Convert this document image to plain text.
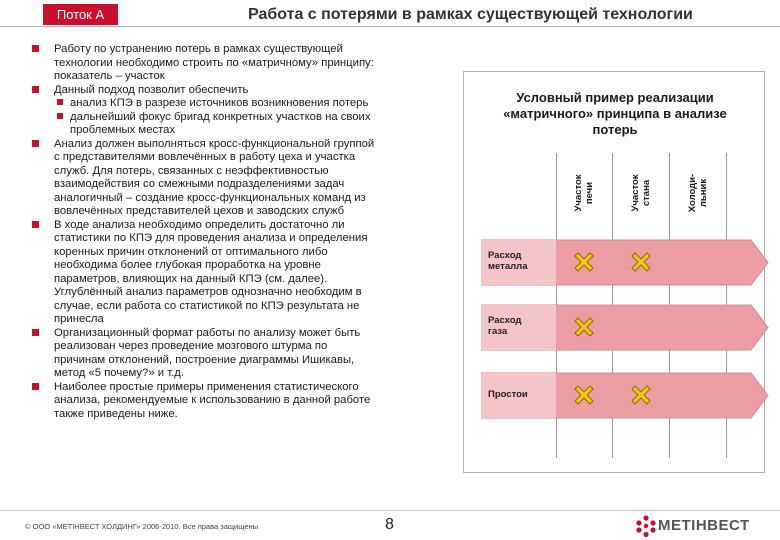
Поток А	Работа с потерями в рамках существующей технологии
Работу по устранению потерь в рамках существующей
технологии необходимо строить по «матричному» принципу:
показатель – участок
Данный подход позволит обеспечить
анализ КПЭ в разрезе источников возникновения потерь
дальнейший фокус бригад конкретных участков на своих
проблемных местах
Анализ должен выполняться кросс-функциональной группой
с представителями вовлечённых в работу цеха и участка
служб. Для потерь, связанных с неэффективностью
взаимодействия со смежными подразделениями задач
аналогичный – создание кросс-функциональных команд из
вовлечённых представителей цехов и заводских служб
В ходе анализа необходимо определить достаточно ли
статистики по КПЭ для проведения анализа и определения
коренных причин отклонений от оптимального либо
необходима более глубокая проработка на уровне
параметров, влияющих на данный КПЭ (см. далее).
Углублённый анализ параметров однозначно необходим в
случае, если работа со статистикой по КПЭ результата не
принесла
Организационный формат работы по анализу может быть
реализован через проведение мозгового штурма по
причинам отклонений, построение диаграммы Ишикавы,
метод «5 почему?» и т.д.
Наиболее простые примеры применения статистического
анализа, рекомендуемые к использованию в данной работе
также приведены ниже.
Условный пример реализации
«матричного» принципа в анализе
потерь
Участок печи	Участок стана	Холоди- льник
Расход
металла
Расход
газа
Простои
© ООО «МЕТІНВЕСТ ХОЛДИНГ» 2006-2010. Все права защищены	8	МЕТІНВЕСТ
